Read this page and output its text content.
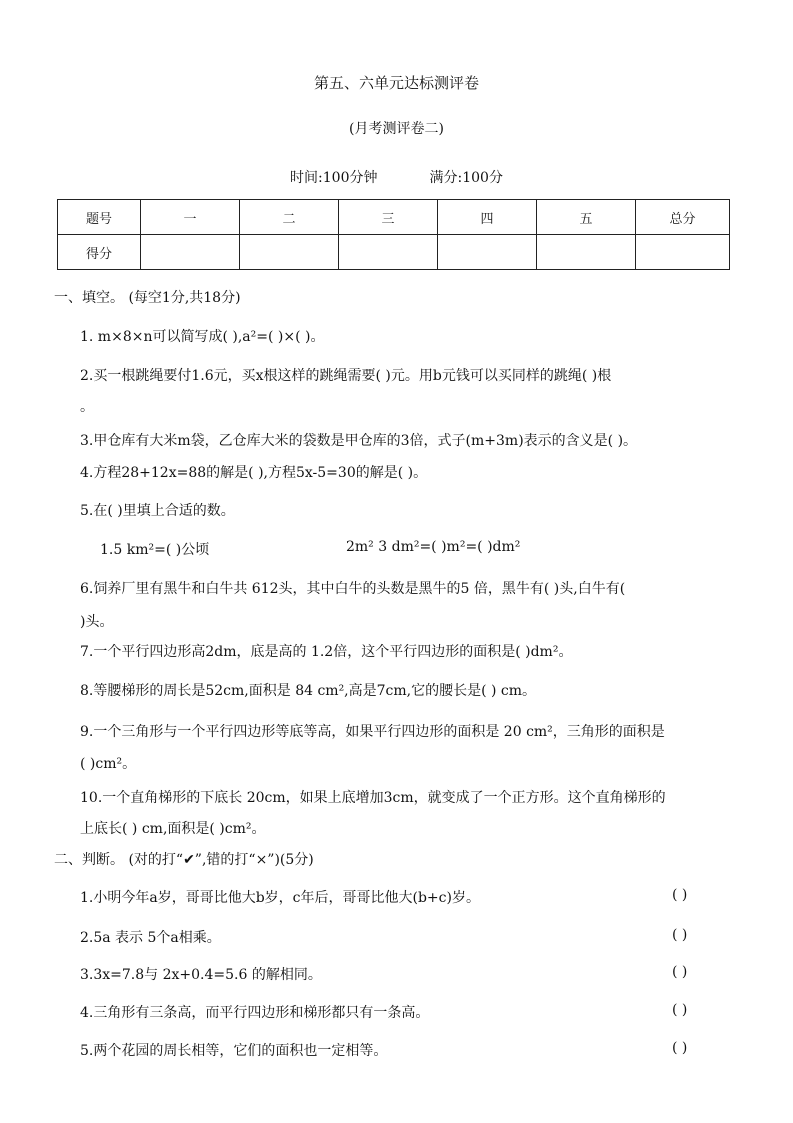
第五、六单元达标测评卷
(月考测评卷二)
时间:100分钟	满分:100分
题号	一	二	三	四	五	总分
得分						
一、填空。 (每空1分,共18分)
1. m×8×n可以简写成( ),a²=( )×( )。
2.买一根跳绳要付1.6元，买x根这样的跳绳需要( )元。用b元钱可以买同样的跳绳( )根
。
3.甲仓库有大米m袋，乙仓库大米的袋数是甲仓库的3倍，式子(m+3m)表示的含义是( )。
4.方程28+12x=88的解是( ),方程5x-5=30的解是( )。
5.在( )里填上合适的数。
1.5 km²=( )公顷	2m² 3 dm²=( )m²=( )dm²
6.饲养厂里有黑牛和白牛共 612头，其中白牛的头数是黑牛的5 倍，黑牛有( )头,白牛有(
)头。
7.一个平行四边形高2dm，底是高的 1.2倍，这个平行四边形的面积是( )dm²。
8.等腰梯形的周长是52cm,面积是 84 cm²,高是7cm,它的腰长是( ) cm。
9.一个三角形与一个平行四边形等底等高，如果平行四边形的面积是 20 cm²，三角形的面积是
( )cm²。
10.一个直角梯形的下底长 20cm，如果上底增加3cm，就变成了一个正方形。这个直角梯形的
上底长( ) cm,面积是( )cm²。
二、判断。 (对的打“✔”,错的打“×”)(5分)
1.小明今年a岁，哥哥比他大b岁，c年后，哥哥比他大(b+c)岁。	( )
2.5a 表示 5个a相乘。	( )
3.3x=7.8与 2x+0.4=5.6 的解相同。	( )
4.三角形有三条高，而平行四边形和梯形都只有一条高。	( )
5.两个花园的周长相等，它们的面积也一定相等。	( )
